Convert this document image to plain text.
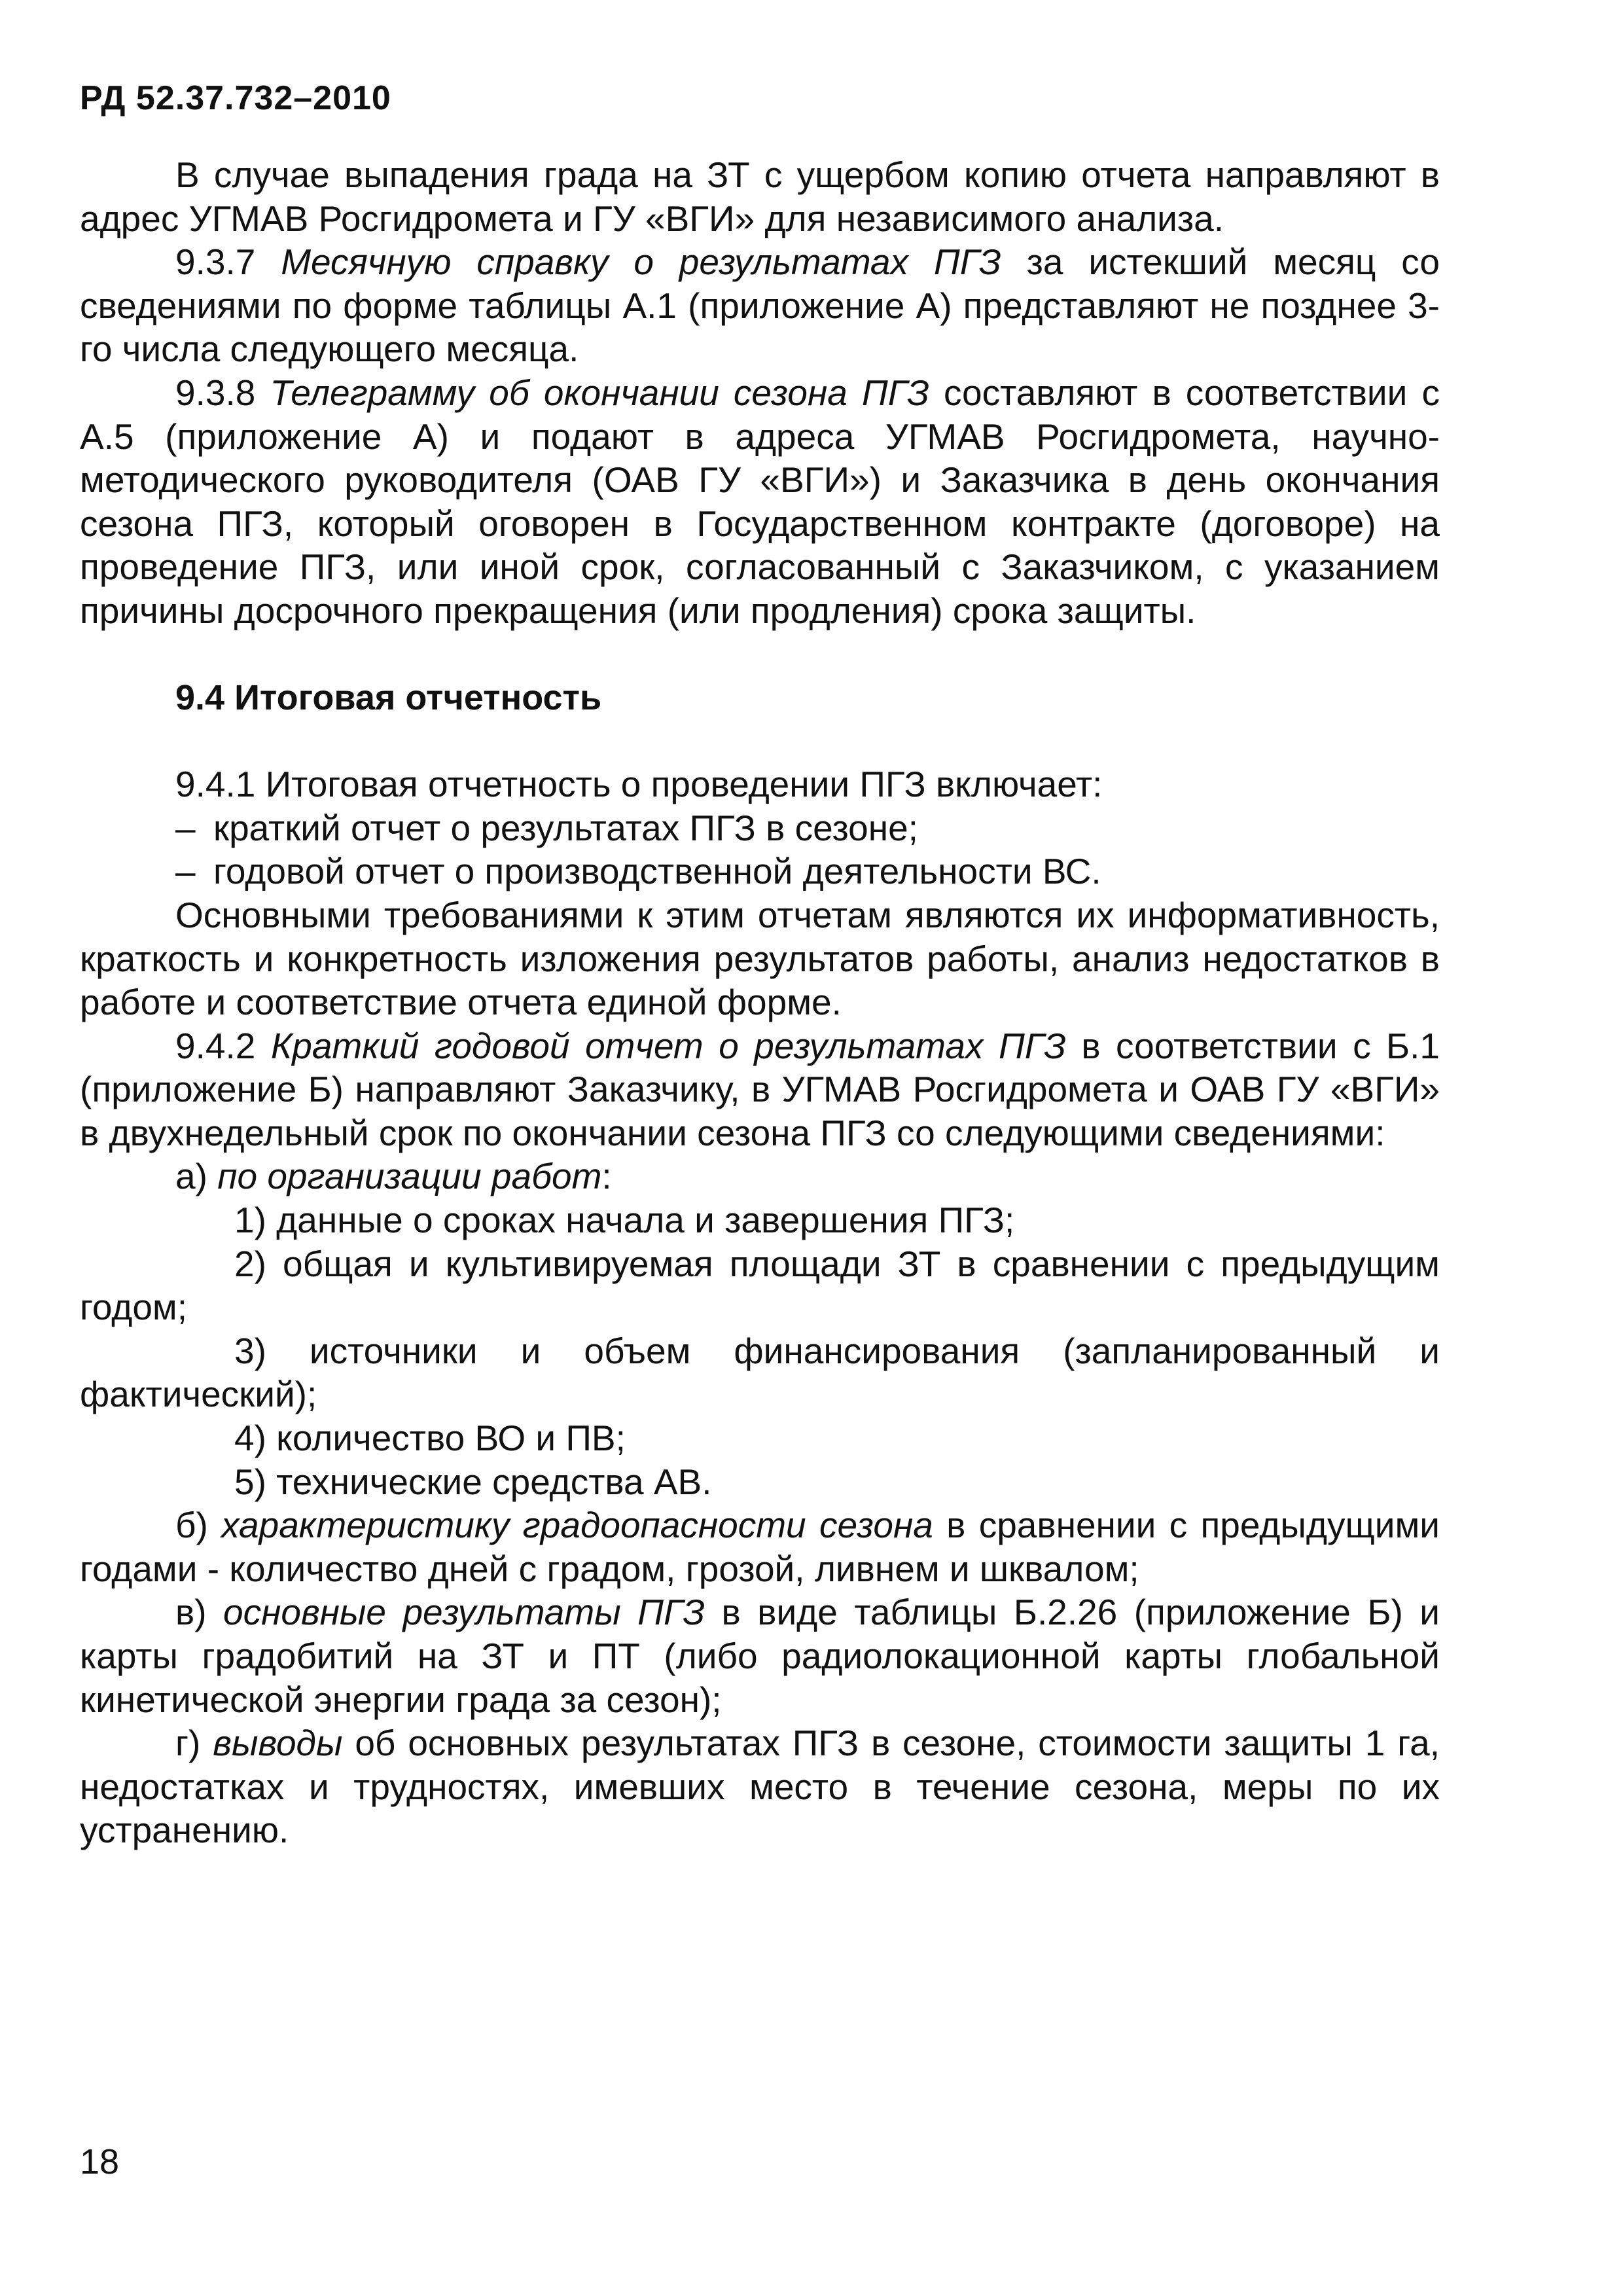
РД 52.37.732–2010

В случае выпадения града на ЗТ с ущербом копию отчета направляют в адрес УГМАВ Росгидромета и ГУ «ВГИ» для независимого анализа.

9.3.7 Месячную справку о результатах ПГЗ за истекший месяц со сведениями по форме таблицы А.1 (приложение А) представляют не позднее 3-го числа следующего месяца.

9.3.8 Телеграмму об окончании сезона ПГЗ составляют в соответствии с А.5 (приложение А) и подают в адреса УГМАВ Росгидромета, научно-методического руководителя (ОАВ ГУ «ВГИ») и Заказчика в день окончания сезона ПГЗ, который оговорен в Государственном контракте (договоре) на проведение ПГЗ, или иной срок, согласованный с Заказчиком, с указанием причины досрочного прекращения (или продления) срока защиты.

9.4 Итоговая отчетность

9.4.1 Итоговая отчетность о проведении ПГЗ включает:

– краткий отчет о результатах ПГЗ в сезоне;

– годовой отчет о производственной деятельности ВС.

Основными требованиями к этим отчетам являются их информативность, краткость и конкретность изложения результатов работы, анализ недостатков в работе и соответствие отчета единой форме.

9.4.2 Краткий годовой отчет о результатах ПГЗ в соответствии с Б.1 (приложение Б) направляют Заказчику, в УГМАВ Росгидромета и ОАВ ГУ «ВГИ» в двухнедельный срок по окончании сезона ПГЗ со следующими сведениями:

а) по организации работ:

1) данные о сроках начала и завершения ПГЗ;

2) общая и культивируемая площади ЗТ в сравнении с предыдущим годом;

3) источники и объем финансирования (запланированный и фактический);

4) количество ВО и ПВ;

5) технические средства АВ.

б) характеристику градоопасности сезона в сравнении с предыдущими годами - количество дней с градом, грозой, ливнем и шквалом;

в) основные результаты ПГЗ в виде таблицы Б.2.26 (приложение Б) и карты градобитий на ЗТ и ПТ (либо радиолокационной карты глобальной кинетической энергии града за сезон);

г) выводы об основных результатах ПГЗ в сезоне, стоимости защиты 1 га, недостатках и трудностях, имевших место в течение сезона, меры по их устранению.

18
